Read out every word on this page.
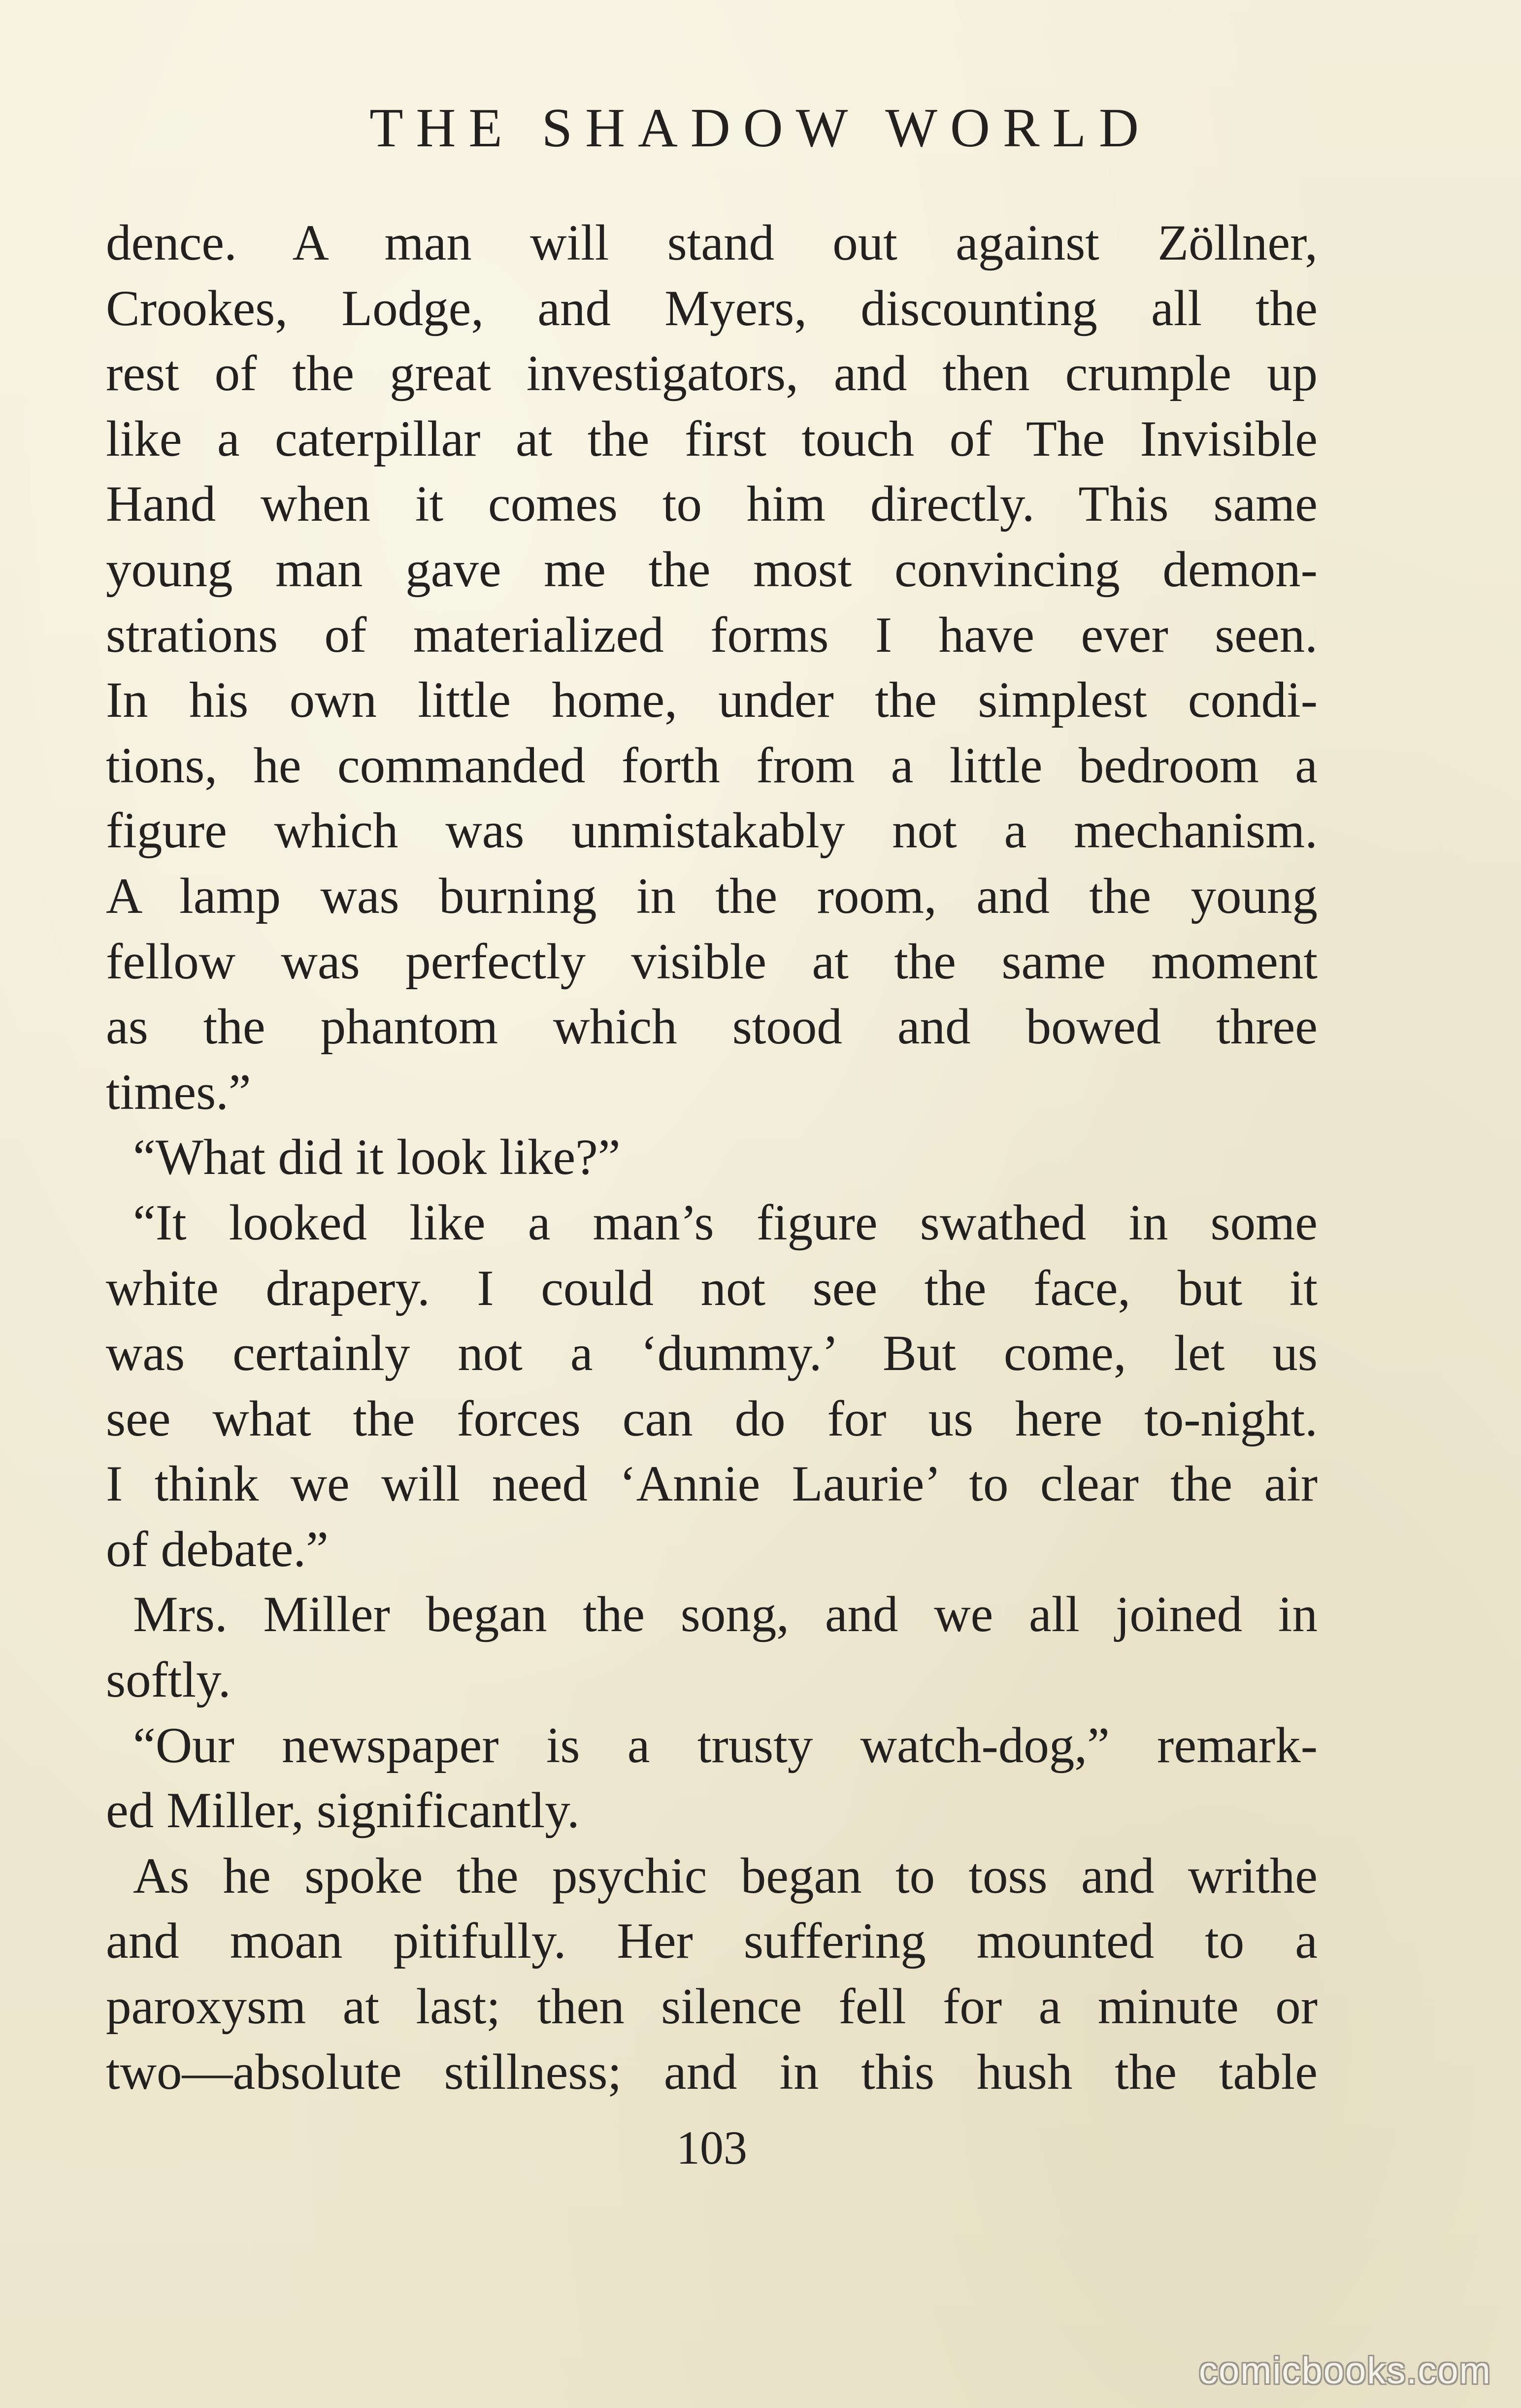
THE SHADOW WORLD
dence. A man will stand out against Zöllner,
Crookes, Lodge, and Myers, discounting all the
rest of the great investigators, and then crumple up
like a caterpillar at the first touch of The Invisible
Hand when it comes to him directly. This same
young man gave me the most convincing demon-
strations of materialized forms I have ever seen.
In his own little home, under the simplest condi-
tions, he commanded forth from a little bedroom a
figure which was unmistakably not a mechanism.
A lamp was burning in the room, and the young
fellow was perfectly visible at the same moment
as the phantom which stood and bowed three
times.”
“What did it look like?”
“It looked like a man’s figure swathed in some
white drapery. I could not see the face, but it
was certainly not a ‘dummy.’ But come, let us
see what the forces can do for us here to-night.
I think we will need ‘Annie Laurie’ to clear the air
of debate.”
Mrs. Miller began the song, and we all joined in
softly.
“Our newspaper is a trusty watch-dog,” remark-
ed Miller, significantly.
As he spoke the psychic began to toss and writhe
and moan pitifully. Her suffering mounted to a
paroxysm at last; then silence fell for a minute or
two—absolute stillness; and in this hush the table
103
comicbooks.com
